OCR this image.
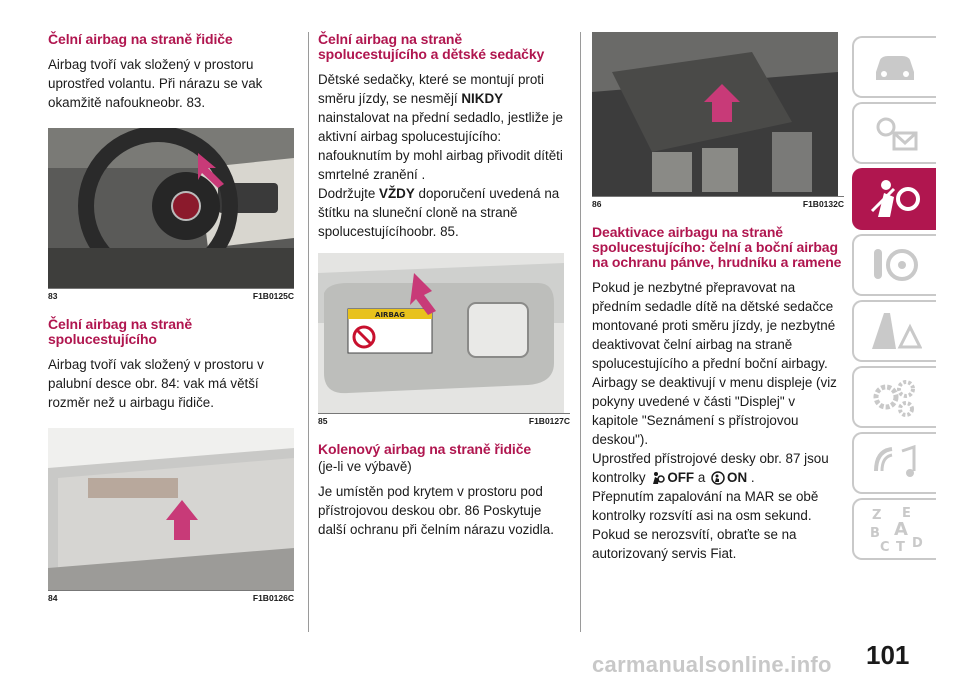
Čelní airbag na straně řidiče

Airbag tvoří vak složený v prostoru uprostřed volantu. Při nárazu se vak okamžitě nafoukneobr. 83.

83	F1B0125C
Čelní airbag na straně spolucestujícího

Airbag tvoří vak složený v prostoru v palubní desce obr. 84: vak má větší rozměr než u airbagu řidiče.

84	F1B0126C
Čelní airbag na straně spolucestujícího a dětské sedačky

Dětské sedačky, které se montují proti směru jízdy, se nesmějí NIKDY nainstalovat na přední sedadlo, jestliže je aktivní airbag spolucestujícího: nafouknutím by mohl airbag přivodit dítěti smrtelné zranění .
Dodržujte VŽDY doporučení uvedená na štítku na sluneční cloně na straně spolucestujícíhoobr. 85.

AIRBAG
85	F1B0127C
Kolenový airbag na straně řidiče

(je-li ve výbavě)

Je umístěn pod krytem v prostoru pod přístrojovou deskou obr. 86 Poskytuje další ochranu při čelním nárazu vozidla.

86	F1B0132C
Deaktivace airbagu na straně spolucestujícího: čelní a boční airbag na ochranu pánve, hrudníku a ramene

Pokud je nezbytné přepravovat na předním sedadle dítě na dětské sedačce montované proti směru jízdy, je nezbytné deaktivovat čelní airbag na straně spolucestujícího a přední boční airbagy.

Airbagy se deaktivují v menu displeje (viz pokyny uvedené v části "Displej" v kapitole "Seznámení s přístrojovou deskou").

Uprostřed přístrojové desky obr. 87 jsou kontrolky OFF a ON .

Přepnutím zapalování na MAR se obě kontrolky rozsvítí asi na osm sekund.

Pokud se nerozsvítí, obraťte se na autorizovaný servis Fiat.

Z E
B A
C T D
101
carmanualsonline.info
